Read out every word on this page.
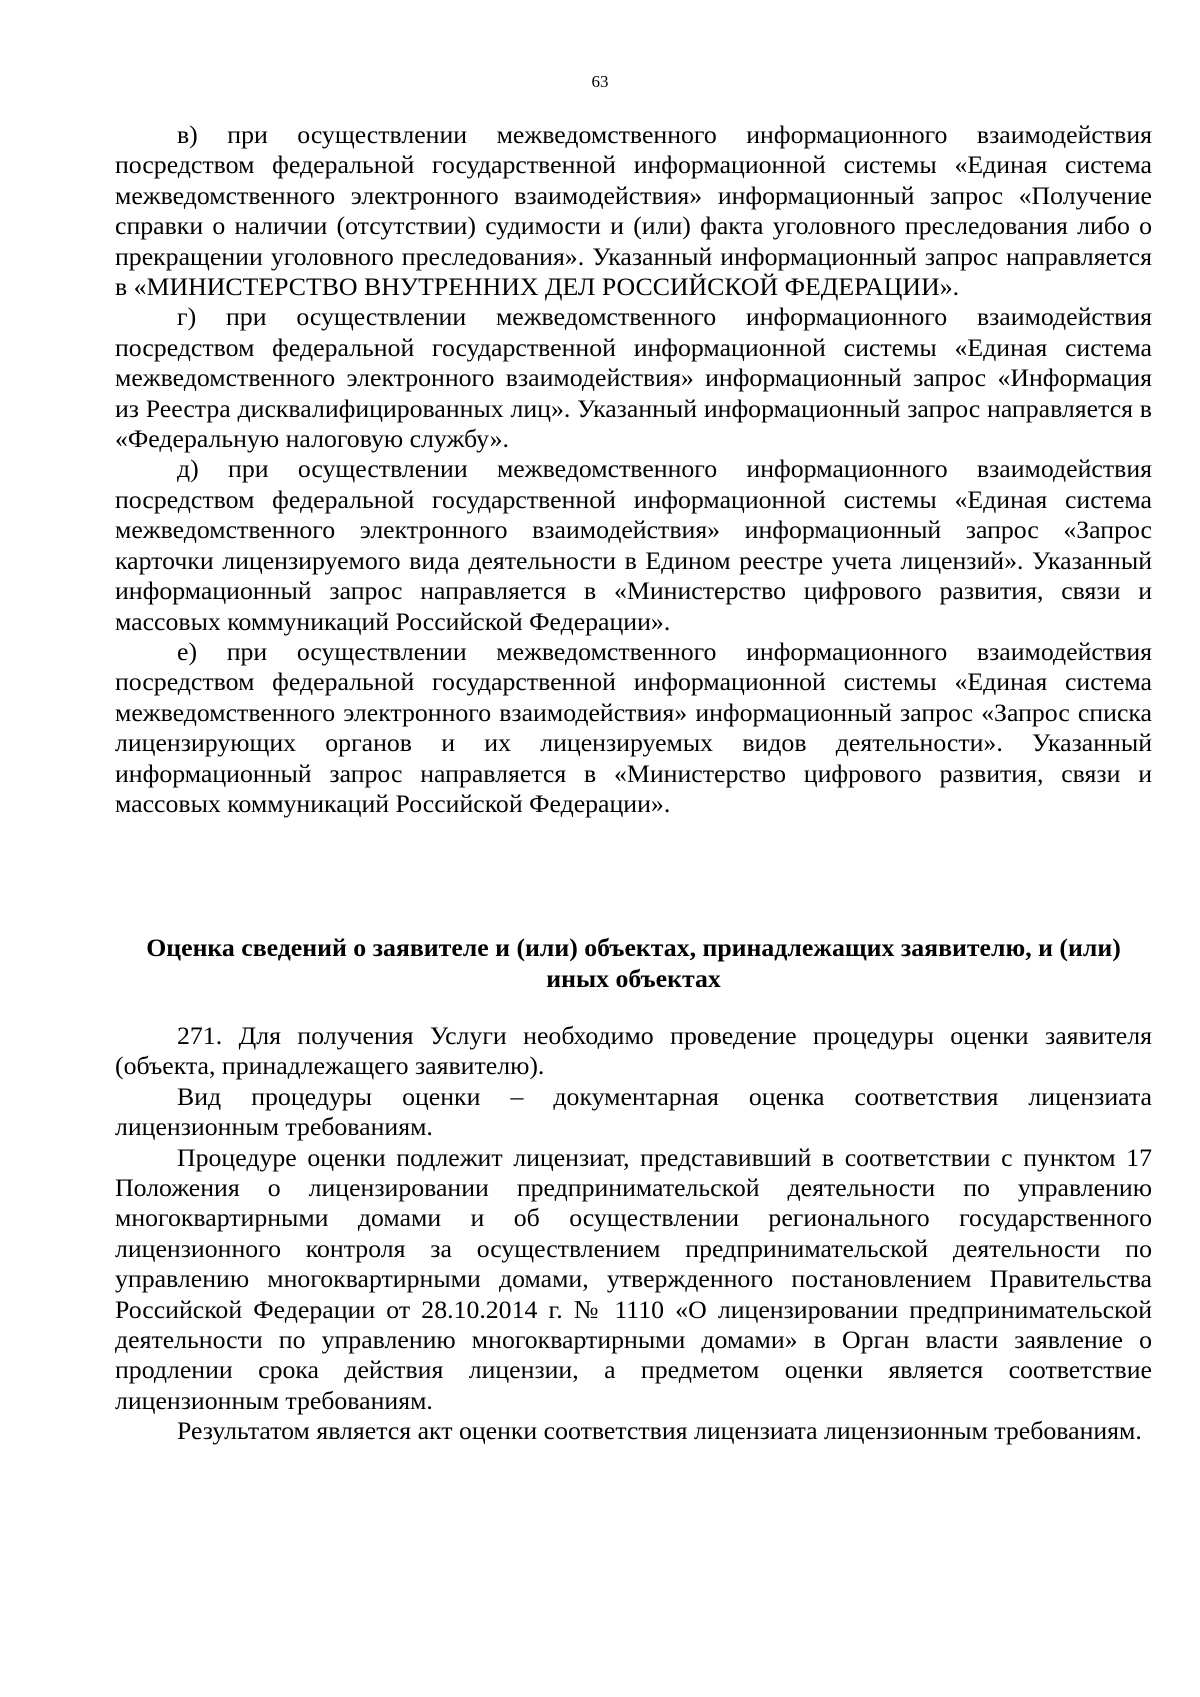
63

в) при осуществлении межведомственного информационного взаимодействия посредством федеральной государственной информационной системы «Единая система межведомственного электронного взаимодействия» информационный запрос «Получение справки о наличии (отсутствии) судимости и (или) факта уголовного преследования либо о прекращении уголовного преследования». Указанный информационный запрос направляется в «МИНИСТЕРСТВО ВНУТРЕННИХ ДЕЛ РОССИЙСКОЙ ФЕДЕРАЦИИ».

г) при осуществлении межведомственного информационного взаимодействия посредством федеральной государственной информационной системы «Единая система межведомственного электронного взаимодействия» информационный запрос «Информация из Реестра дисквалифицированных лиц». Указанный информационный запрос направляется в «Федеральную налоговую службу».

д) при осуществлении межведомственного информационного взаимодействия посредством федеральной государственной информационной системы «Единая система межведомственного электронного взаимодействия» информационный запрос «Запрос карточки лицензируемого вида деятельности в Едином реестре учета лицензий». Указанный информационный запрос направляется в «Министерство цифрового развития, связи и массовых коммуникаций Российской Федерации».

е) при осуществлении межведомственного информационного взаимодействия посредством федеральной государственной информационной системы «Единая система межведомственного электронного взаимодействия» информационный запрос «Запрос списка лицензирующих органов и их лицензируемых видов деятельности». Указанный информационный запрос направляется в «Министерство цифрового развития, связи и массовых коммуникаций Российской Федерации».

Оценка сведений о заявителе и (или) объектах, принадлежащих заявителю, и (или) иных объектах

271. Для получения Услуги необходимо проведение процедуры оценки заявителя (объекта, принадлежащего заявителю).

Вид процедуры оценки – документарная оценка соответствия лицензиата лицензионным требованиям.

Процедуре оценки подлежит лицензиат, представивший в соответствии с пунктом 17 Положения о лицензировании предпринимательской деятельности по управлению многоквартирными домами и об осуществлении регионального государственного лицензионного контроля за осуществлением предпринимательской деятельности по управлению многоквартирными домами, утвержденного постановлением Правительства Российской Федерации от 28.10.2014 г. № 1110 «О лицензировании предпринимательской деятельности по управлению многоквартирными домами» в Орган власти заявление о продлении срока действия лицензии, а предметом оценки является соответствие лицензионным требованиям.

Результатом является акт оценки соответствия лицензиата лицензионным требованиям.
